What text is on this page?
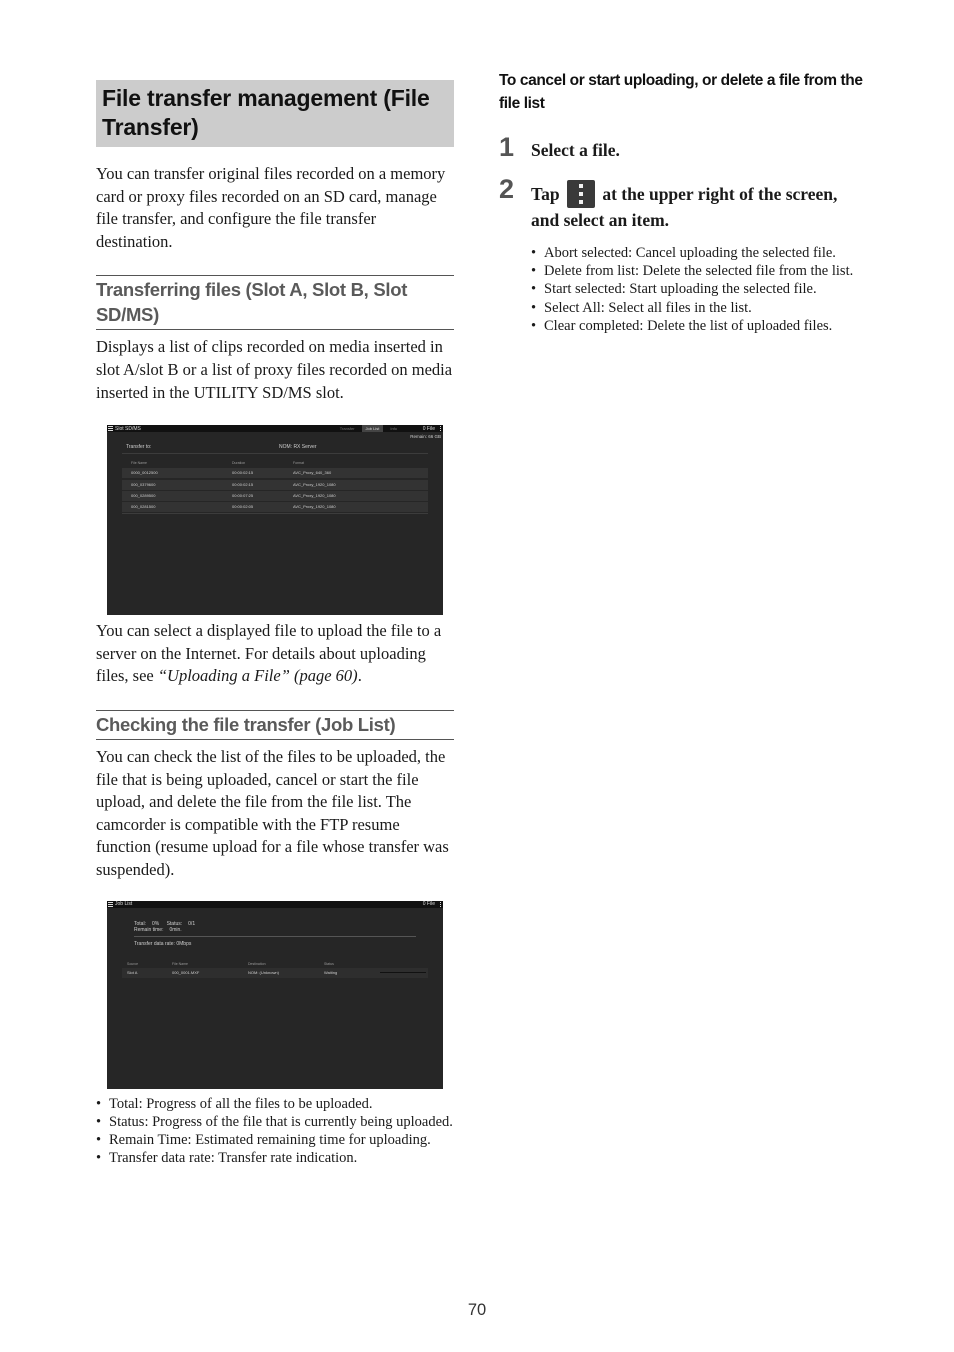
File transfer management (File Transfer)

You can transfer original files recorded on a memory card or proxy files recorded on an SD card, manage file transfer, and configure the file transfer destination.

Transferring files (Slot A, Slot B, Slot SD/MS)

Displays a list of clips recorded on media inserted in slot A/slot B or a list of proxy files recorded on media inserted in the UTILITY SD/MS slot.

Slot SD/MS	Transfer	Job List	Info	0 File
Remain: 66 GB
Transfer to:	NOM: RX Server
File Name	Duration	Format
0000_0012500	00:00:02:15	AVC_Proxy_640_360
000_0379600	00:00:02:15	AVC_Proxy_1920_1080
000_0289500	00:00:07:25	AVC_Proxy_1920_1080
000_0281500	00:00:02:05	AVC_Proxy_1920_1080

You can select a displayed file to upload the file to a server on the Internet. For details about uploading files, see “Uploading a File” (page 60).

Checking the file transfer (Job List)

You can check the list of the files to be uploaded, the file that is being uploaded, cancel or start the file upload, and delete the file from the file list. The camcorder is compatible with the FTP resume function (resume upload for a file whose transfer was suspended).

Job List	0 File
Total: 0% Status: 0/1
Remain time: 0min.
Transfer data rate: 0Mbps
Source	File Name	Destination	Status
Slot A	000_0001.MXF	NOM: (Unknown)	Waiting
• Total: Progress of all the files to be uploaded.
• Status: Progress of the file that is currently being uploaded.
• Remain Time: Estimated remaining time for uploading.
• Transfer data rate: Transfer rate indication.
To cancel or start uploading, or delete a file from the file list
1 Select a file.
2 Tap at the upper right of the screen, and select an item.
• Abort selected: Cancel uploading the selected file.
• Delete from list: Delete the selected file from the list.
• Start selected: Start uploading the selected file.
• Select All: Select all files in the list.
• Clear completed: Delete the list of uploaded files.
70
